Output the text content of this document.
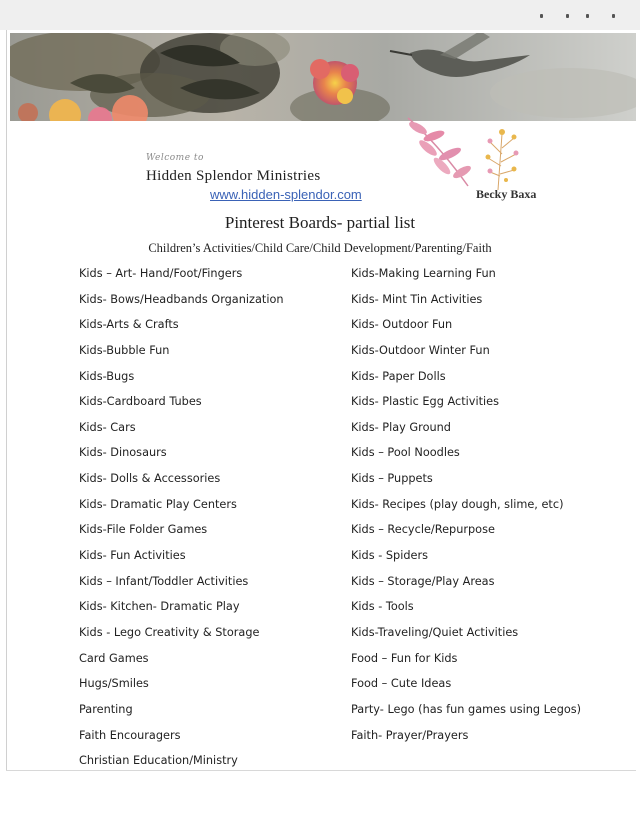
Welcome to
Hidden Splendor Ministries
www.hidden-splendor.com	Becky Baxa
Pinterest Boards- partial list
Children’s Activities/Child Care/Child Development/Parenting/Faith
Kids – Art- Hand/Foot/Fingers
Kids- Bows/Headbands Organization
Kids-Arts & Crafts
Kids-Bubble Fun
Kids-Bugs
Kids-Cardboard Tubes
Kids- Cars
Kids- Dinosaurs
Kids- Dolls & Accessories
Kids- Dramatic Play Centers
Kids-File Folder Games
Kids- Fun Activities
Kids – Infant/Toddler Activities
Kids- Kitchen- Dramatic Play
Kids - Lego Creativity & Storage
Card Games
Hugs/Smiles
Parenting
Faith Encouragers
Christian Education/Ministry
Kids-Making Learning Fun
Kids- Mint Tin Activities
Kids- Outdoor Fun
Kids-Outdoor Winter Fun
Kids- Paper Dolls
Kids- Plastic Egg Activities
Kids- Play Ground
Kids – Pool Noodles
Kids – Puppets
Kids- Recipes (play dough, slime, etc)
Kids – Recycle/Repurpose
Kids - Spiders
Kids – Storage/Play Areas
Kids - Tools
Kids-Traveling/Quiet Activities
Food – Fun for Kids
Food – Cute Ideas
Party- Lego (has fun games using Legos)
Faith- Prayer/Prayers
